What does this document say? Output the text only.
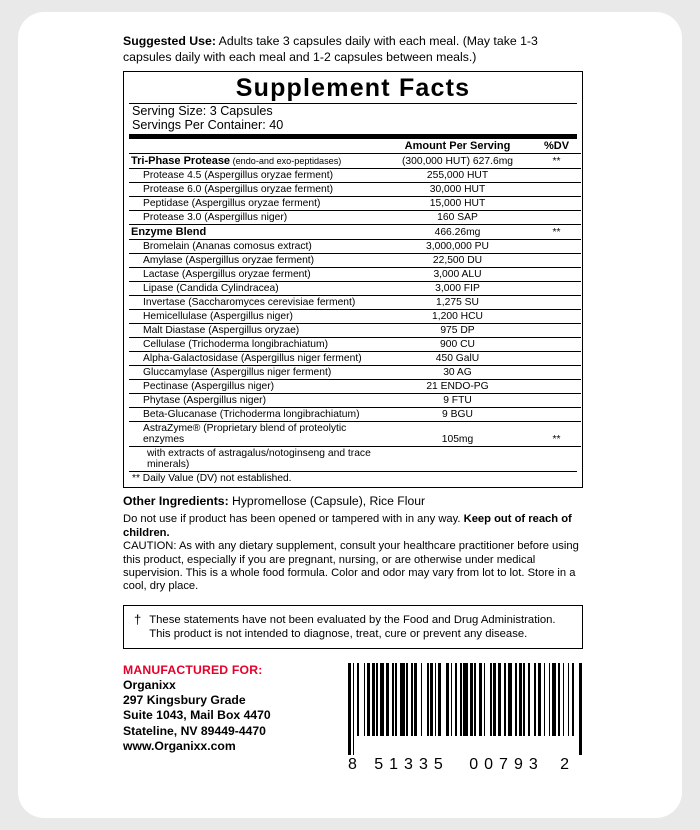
Suggested Use: Adults take 3 capsules daily with each meal. (May take 1-3 capsules daily with each meal and 1-2 capsules between meals.)
Supplement Facts
Serving Size: 3 Capsules
Servings Per Container: 40
	Amount Per Serving	%DV
Tri-Phase Protease (endo-and exo-peptidases)	(300,000 HUT) 627.6mg	**
Protease 4.5 (Aspergillus oryzae ferment)	255,000 HUT	
Protease 6.0 (Aspergillus oryzae ferment)	30,000 HUT	
Peptidase (Aspergillus oryzae ferment)	15,000 HUT	
Protease 3.0 (Aspergillus niger)	160 SAP	
Enzyme Blend	466.26mg	**
Bromelain (Ananas comosus extract)	3,000,000 PU	
Amylase (Aspergillus oryzae ferment)	22,500 DU	
Lactase (Aspergillus oryzae ferment)	3,000 ALU	
Lipase (Candida Cylindracea)	3,000 FIP	
Invertase (Saccharomyces cerevisiae ferment)	1,275 SU	
Hemicellulase (Aspergillus niger)	1,200 HCU	
Malt Diastase (Aspergillus oryzae)	975 DP	
Cellulase (Trichoderma longibrachiatum)	900 CU	
Alpha-Galactosidase (Aspergillus niger ferment)	450 GalU	
Gluccamylase (Aspergillus niger ferment)	30 AG	
Pectinase (Aspergillus niger)	21 ENDO-PG	
Phytase (Aspergillus niger)	9 FTU	
Beta-Glucanase (Trichoderma longibrachiatum)	9 BGU	
AstraZyme® (Proprietary blend of proteolytic enzymes	105mg	**
with extracts of astragalus/notoginseng and trace minerals)		
** Daily Value (DV) not established.
Other Ingredients: Hypromellose (Capsule), Rice Flour
Do not use if product has been opened or tampered with in any way. Keep out of reach of children.
CAUTION: As with any dietary supplement, consult your healthcare practitioner before using this product, especially if you are pregnant, nursing, or are otherwise under medical supervision. This is a whole food formula. Color and odor may vary from lot to lot. Store in a cool, dry place.
† These statements have not been evaluated by the Food and Drug Administration.
This product is not intended to diagnose, treat, cure or prevent any disease.
MANUFACTURED FOR:
Organixx
297 Kingsbury Grade
Suite 1043, Mail Box 4470
Stateline, NV 89449-4470
www.Organixx.com
8	51335	00793	2
